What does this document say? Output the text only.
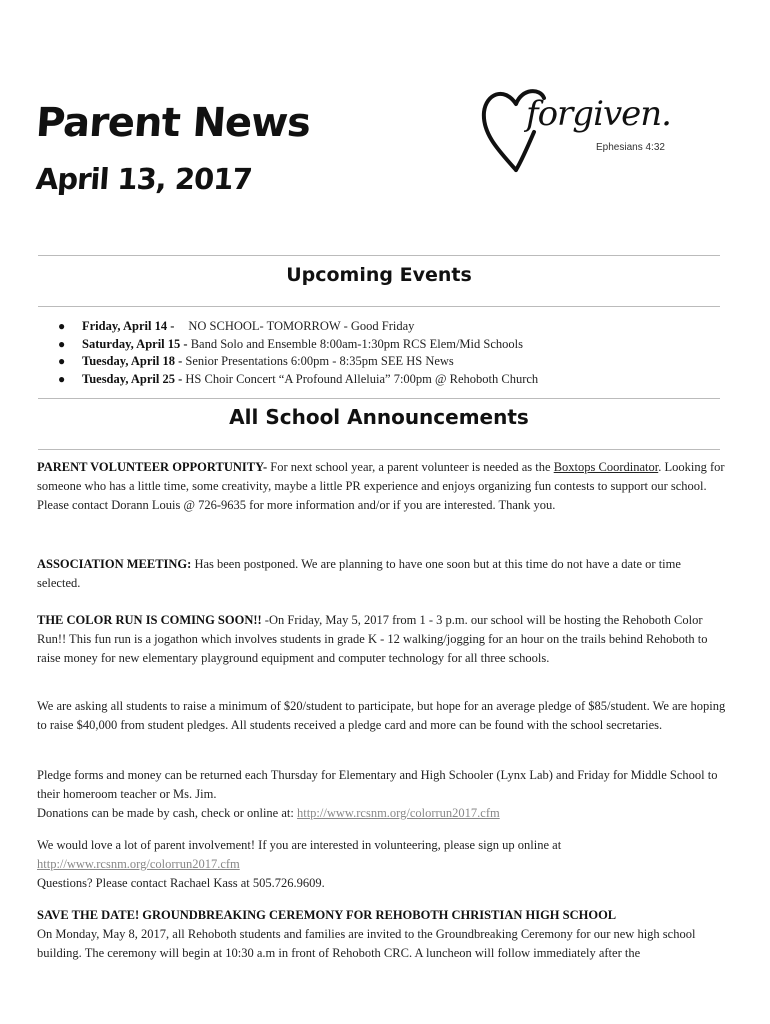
Parent News
April 13, 2017
forgiven.
Ephesians 4:32
Upcoming Events
● Friday, April 14 - NO SCHOOL- TOMORROW - Good Friday
● Saturday, April 15 - Band Solo and Ensemble 8:00am-1:30pm RCS Elem/Mid Schools
● Tuesday, April 18 - Senior Presentations 6:00pm - 8:35pm SEE HS News
● Tuesday, April 25 - HS Choir Concert “A Profound Alleluia” 7:00pm @ Rehoboth Church
All School Announcements

PARENT VOLUNTEER OPPORTUNITY- For next school year, a parent volunteer is needed as the Boxtops Coordinator. Looking for someone who has a little time, some creativity, maybe a little PR experience and enjoys organizing fun contests to support our school. Please contact Dorann Louis @ 726-9635 for more information and/or if you are interested. Thank you.

ASSOCIATION MEETING: Has been postponed. We are planning to have one soon but at this time do not have a date or time selected.

THE COLOR RUN IS COMING SOON!! -On Friday, May 5, 2017 from 1 - 3 p.m. our school will be hosting the Rehoboth Color Run!! This fun run is a jogathon which involves students in grade K - 12 walking/jogging for an hour on the trails behind Rehoboth to raise money for new elementary playground equipment and computer technology for all three schools.

We are asking all students to raise a minimum of $20/student to participate, but hope for an average pledge of $85/student. We are hoping to raise $40,000 from student pledges. All students received a pledge card and more can be found with the school secretaries.

Pledge forms and money can be returned each Thursday for Elementary and High Schooler (Lynx Lab) and Friday for Middle School to their homeroom teacher or Ms. Jim.

Donations can be made by cash, check or online at: http://www.rcsnm.org/colorrun2017.cfm

We would love a lot of parent involvement! If you are interested in volunteering, please sign up online at

http://www.rcsnm.org/colorrun2017.cfm

Questions? Please contact Rachael Kass at 505.726.9609.

SAVE THE DATE! GROUNDBREAKING CEREMONY FOR REHOBOTH CHRISTIAN HIGH SCHOOL

On Monday, May 8, 2017, all Rehoboth students and families are invited to the Groundbreaking Ceremony for our new high school building. The ceremony will begin at 10:30 a.m in front of Rehoboth CRC. A luncheon will follow immediately after the
